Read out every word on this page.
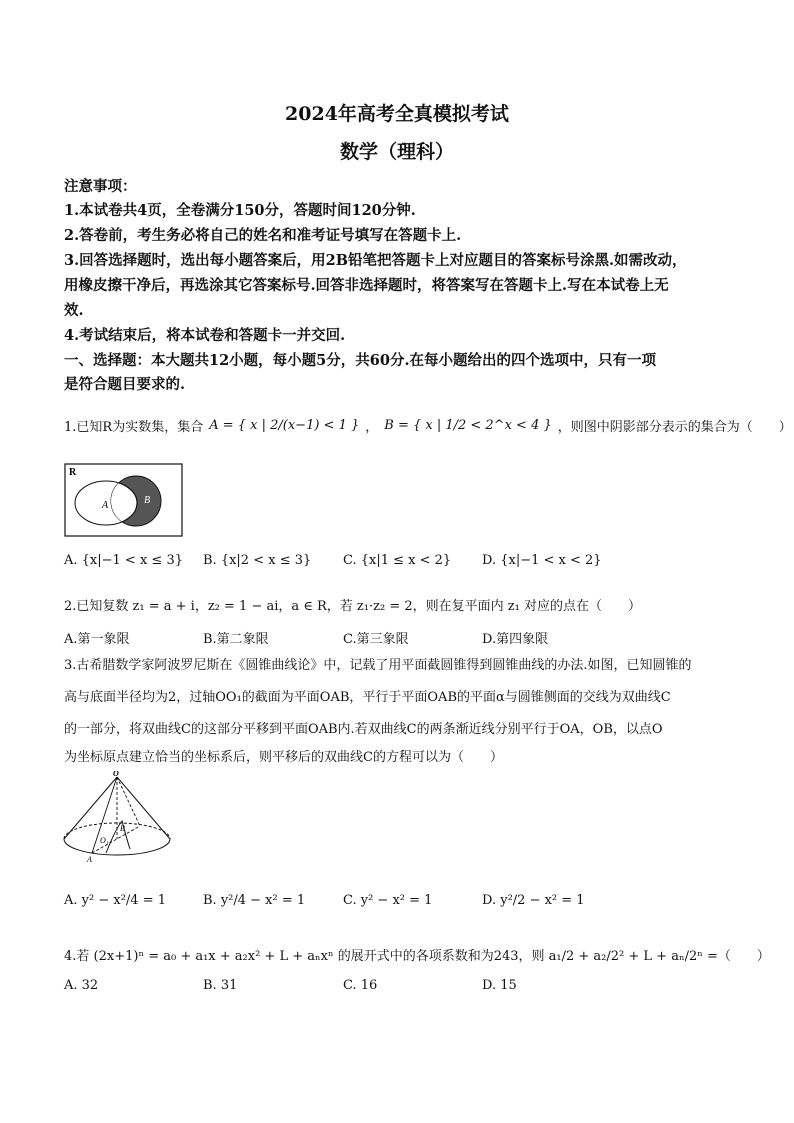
2024年高考全真模拟考试
数学（理科）
注意事项：
1.本试卷共4页，全卷满分150分，答题时间120分钟.
2.答卷前，考生务必将自己的姓名和准考证号填写在答题卡上.
3.回答选择题时，选出每小题答案后，用2B铅笔把答题卡上对应题目的答案标号涂黑.如需改动，
用橡皮擦干净后，再选涂其它答案标号.回答非选择题时，将答案写在答题卡上.写在本试卷上无
效.
4.考试结束后，将本试卷和答题卡一并交回.
一、选择题：本大题共12小题，每小题5分，共60分.在每小题给出的四个选项中，只有一项
是符合题目要求的.
1.已知R为实数集，集合 A = { x | 2/(x−1) < 1 } ， B = { x | 1/2 < 2^x < 4 } ，则图中阴影部分表示的集合为（　　）
R
A	B
A. {x|−1 < x ≤ 3} B. {x|2 < x ≤ 3} C. {x|1 ≤ x < 2} D. {x|−1 < x < 2}
2.已知复数 z₁ = a + i，z₂ = 1 − ai，a ∈ R，若 z₁·z₂ = 2，则在复平面内 z₁ 对应的点在（　　）
A.第一象限	B.第二象限	C.第三象限	D.第四象限
3.古希腊数学家阿波罗尼斯在《圆锥曲线论》中，记载了用平面截圆锥得到圆锥曲线的办法.如图，已知圆锥的
高与底面半径均为2，过轴OO₁的截面为平面OAB，平行于平面OAB的平面α与圆锥侧面的交线为双曲线C
的一部分，将双曲线C的这部分平移到平面OAB内.若双曲线C的两条渐近线分别平行于OA，OB，以点O
为坐标原点建立恰当的坐标系后，则平移后的双曲线C的方程可以为（　　）
O
O₁
A
B
A. y² − x²/4 = 1	B. y²/4 − x² = 1	C. y² − x² = 1	D. y²/2 − x² = 1
4.若 (2x+1)ⁿ = a₀ + a₁x + a₂x² + L + aₙxⁿ 的展开式中的各项系数和为243，则 a₁/2 + a₂/2² + L + aₙ/2ⁿ =（　　）
A. 32	B. 31	C. 16	D. 15
